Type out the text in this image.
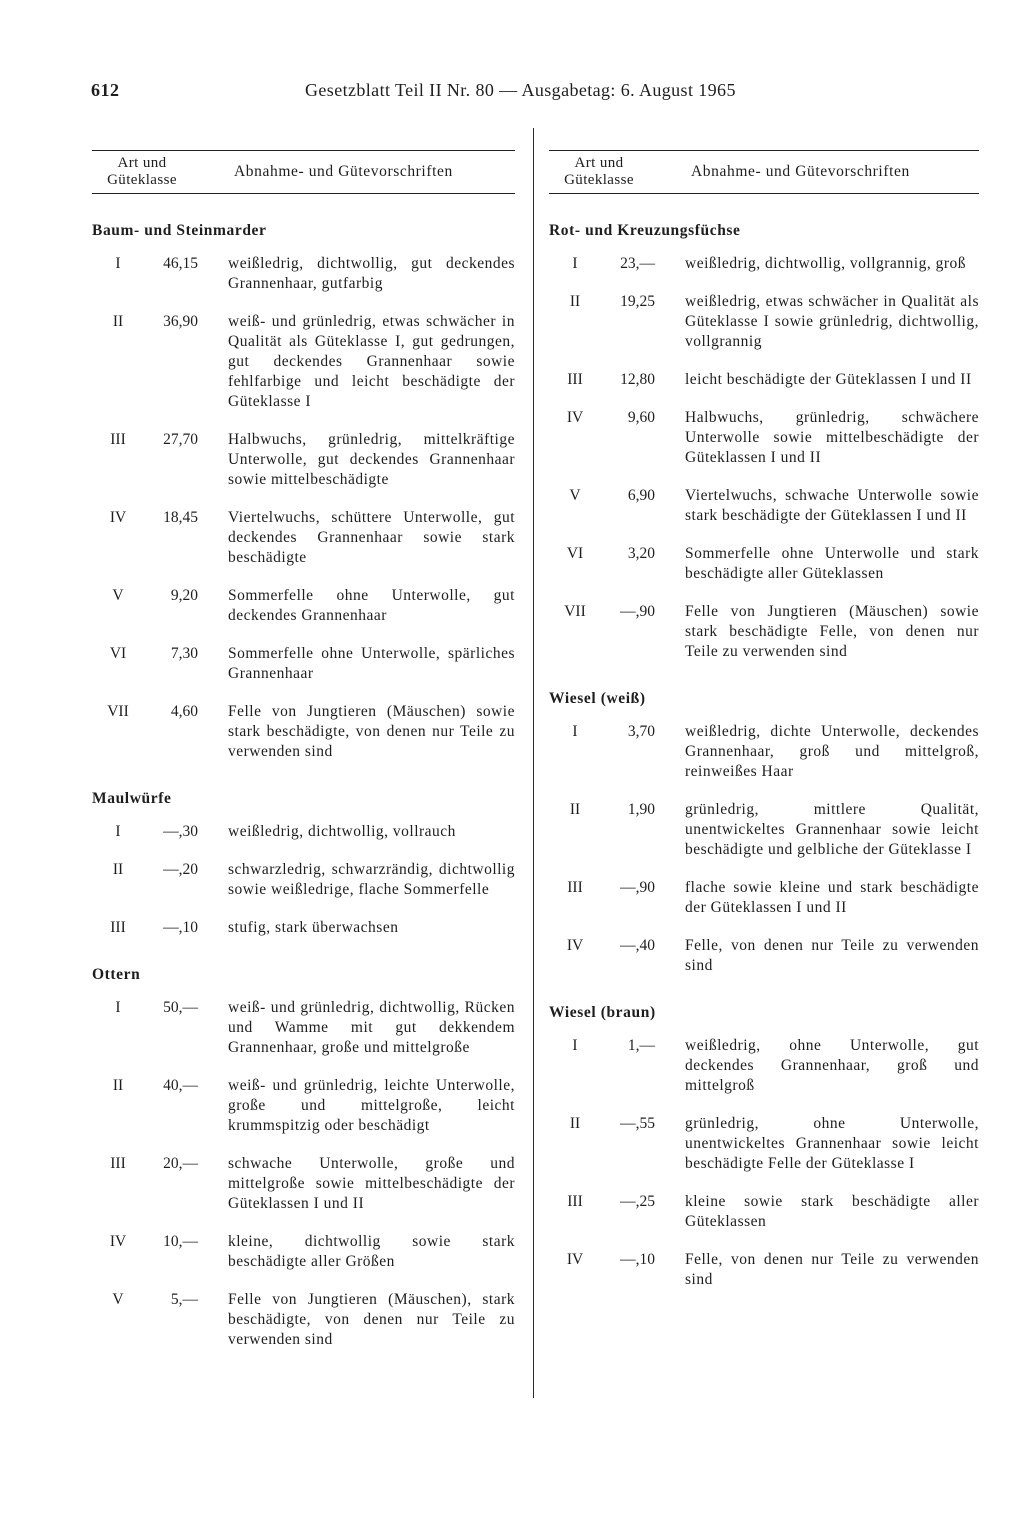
612	Gesetzblatt Teil II Nr. 80 — Ausgabetag: 6. August 1965
Art und Güteklasse	Abnahme- und Gütevorschriften
Baum- und Steinmarder
I	46,15	weißledrig, dichtwollig, gut deckendes Grannenhaar, gutfarbig
II	36,90	weiß- und grünledrig, etwas schwächer in Qualität als Güteklasse I, gut gedrungen, gut deckendes Grannenhaar sowie fehlfarbige und leicht beschädigte der Güteklasse I
III	27,70	Halbwuchs, grünledrig, mittelkräftige Unterwolle, gut deckendes Grannenhaar sowie mittelbeschädigte
IV	18,45	Viertelwuchs, schüttere Unterwolle, gut deckendes Grannenhaar sowie stark beschädigte
V	9,20	Sommerfelle ohne Unterwolle, gut deckendes Grannenhaar
VI	7,30	Sommerfelle ohne Unterwolle, spärliches Grannenhaar
VII	4,60	Felle von Jungtieren (Mäuschen) sowie stark beschädigte, von denen nur Teile zu verwenden sind
Maulwürfe
I	—,30	weißledrig, dichtwollig, vollrauch
II	—,20	schwarzledrig, schwarzrändig, dichtwollig sowie weißledrige, flache Sommerfelle
III	—,10	stufig, stark überwachsen
Ottern
I	50,—	weiß- und grünledrig, dichtwollig, Rücken und Wamme mit gut dekkendem Grannenhaar, große und mittelgroße
II	40,—	weiß- und grünledrig, leichte Unterwolle, große und mittelgroße, leicht krummspitzig oder beschädigt
III	20,—	schwache Unterwolle, große und mittelgroße sowie mittelbeschädigte der Güteklassen I und II
IV	10,—	kleine, dichtwollig sowie stark beschädigte aller Größen
V	5,—	Felle von Jungtieren (Mäuschen), stark beschädigte, von denen nur Teile zu verwenden sind
Art und Güteklasse	Abnahme- und Gütevorschriften
Rot- und Kreuzungsfüchse
I	23,—	weißledrig, dichtwollig, vollgrannig, groß
II	19,25	weißledrig, etwas schwächer in Qualität als Güteklasse I sowie grünledrig, dichtwollig, vollgrannig
III	12,80	leicht beschädigte der Güteklassen I und II
IV	9,60	Halbwuchs, grünledrig, schwächere Unterwolle sowie mittelbeschädigte der Güteklassen I und II
V	6,90	Viertelwuchs, schwache Unterwolle sowie stark beschädigte der Güteklassen I und II
VI	3,20	Sommerfelle ohne Unterwolle und stark beschädigte aller Güteklassen
VII	—,90	Felle von Jungtieren (Mäuschen) sowie stark beschädigte Felle, von denen nur Teile zu verwenden sind
Wiesel (weiß)
I	3,70	weißledrig, dichte Unterwolle, deckendes Grannenhaar, groß und mittelgroß, reinweißes Haar
II	1,90	grünledrig, mittlere Qualität, unentwickeltes Grannenhaar sowie leicht beschädigte und gelbliche der Güteklasse I
III	—,90	flache sowie kleine und stark beschädigte der Güteklassen I und II
IV	—,40	Felle, von denen nur Teile zu verwenden sind
Wiesel (braun)
I	1,—	weißledrig, ohne Unterwolle, gut deckendes Grannenhaar, groß und mittelgroß
II	—,55	grünledrig, ohne Unterwolle, unentwickeltes Grannenhaar sowie leicht beschädigte Felle der Güteklasse I
III	—,25	kleine sowie stark beschädigte aller Güteklassen
IV	—,10	Felle, von denen nur Teile zu verwenden sind
